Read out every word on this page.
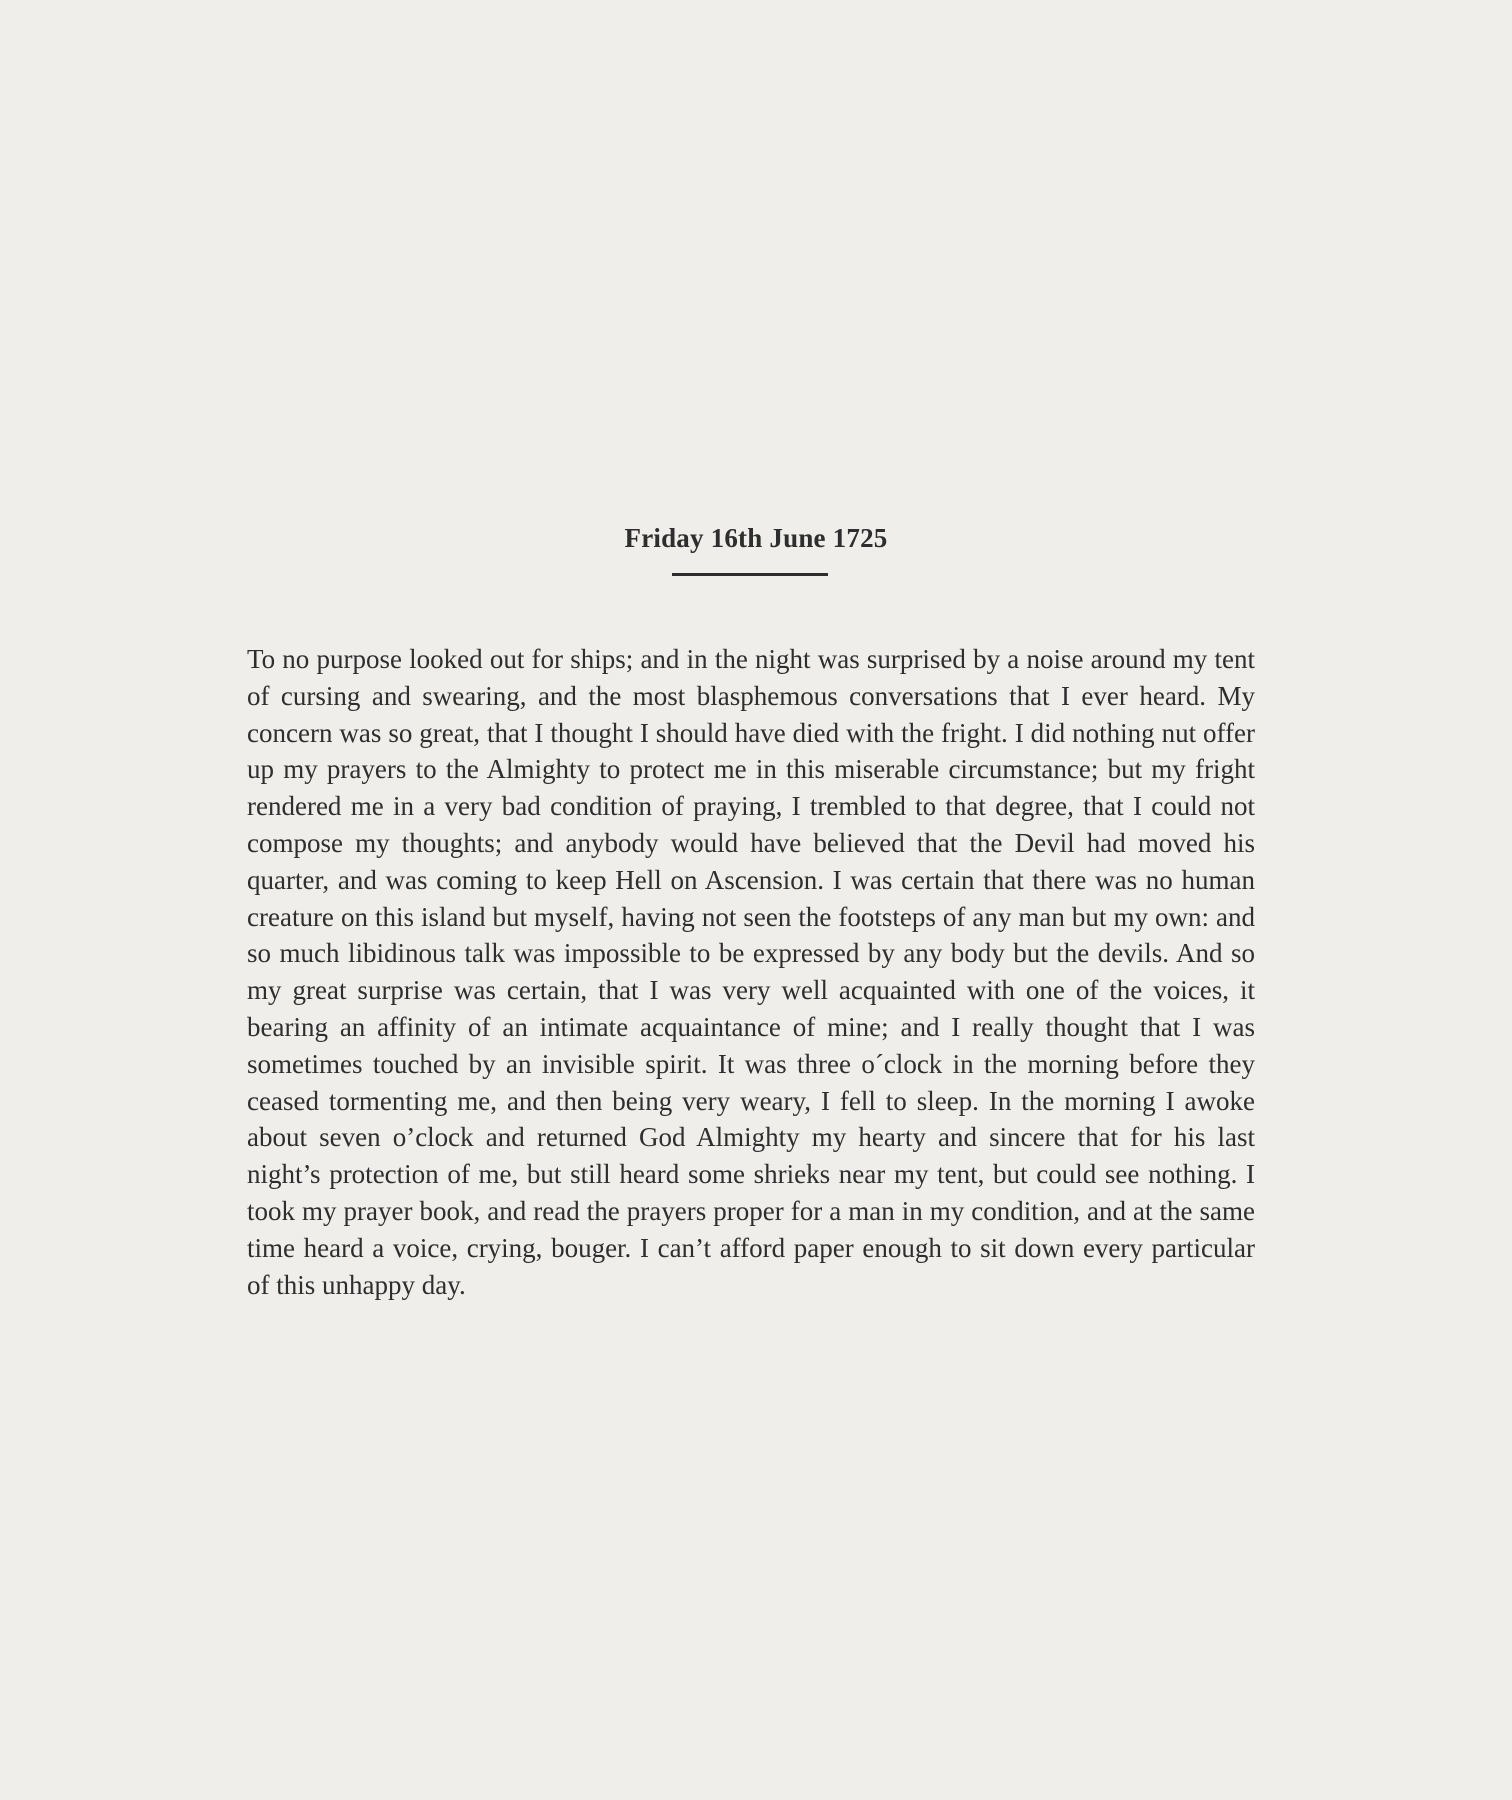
Friday 16th June 1725

To no purpose looked out for ships; and in the night was surprised by a noise around my tent of cursing and swearing, and the most blasphemous conversations that I ever heard. My concern was so great, that I thought I should have died with the fright. I did nothing nut offer up my prayers to the Almighty to protect me in this miserable circumstance; but my fright rendered me in a very bad condition of praying, I trembled to that degree, that I could not compose my thoughts; and anybody would have believed that the Devil had moved his quarter, and was coming to keep Hell on Ascension. I was certain that there was no human creature on this island but myself, having not seen the footsteps of any man but my own: and so much libidinous talk was impossible to be expressed by any body but the devils. And so my great surprise was certain, that I was very well acquainted with one of the voices, it bearing an affinity of an intimate acquaintance of mine; and I really thought that I was sometimes touched by an invisible spirit. It was three o´clock in the morning before they ceased tormenting me, and then being very weary, I fell to sleep. In the morning I awoke about seven o’clock and returned God Almighty my hearty and sincere that for his last night’s protection of me, but still heard some shrieks near my tent, but could see nothing. I took my prayer book, and read the prayers proper for a man in my condition, and at the same time heard a voice, crying, bouger. I can’t afford paper enough to sit down every particular of this unhappy day.
